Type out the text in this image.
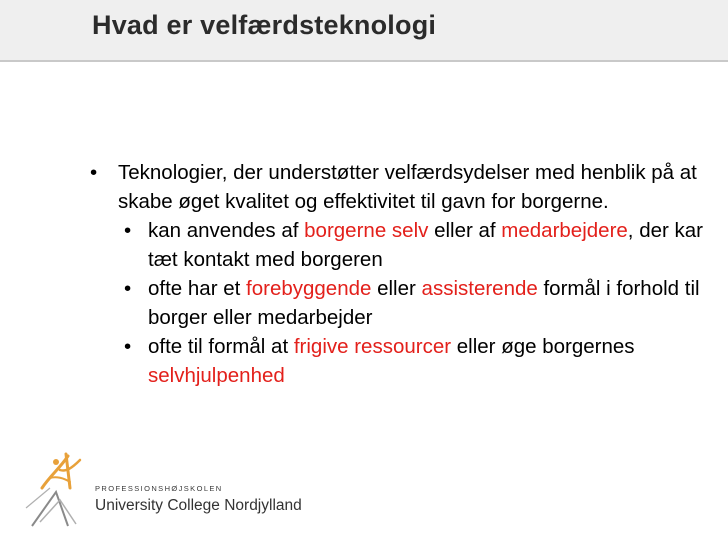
Hvad er velfærdsteknologi

• Teknologier, der understøtter velfærdsydelser med henblik på at skabe øget kvalitet og effektivitet til gavn for borgerne.

• kan anvendes af borgerne selv eller af medarbejdere, der kar tæt kontakt med borgeren

• ofte har et forebyggende eller assisterende formål i forhold til borger eller medarbejder

• ofte til formål at frigive ressourcer eller øge borgernes selvhjulpenhed

PROFESSIONSHØJSKOLEN
University College Nordjylland
